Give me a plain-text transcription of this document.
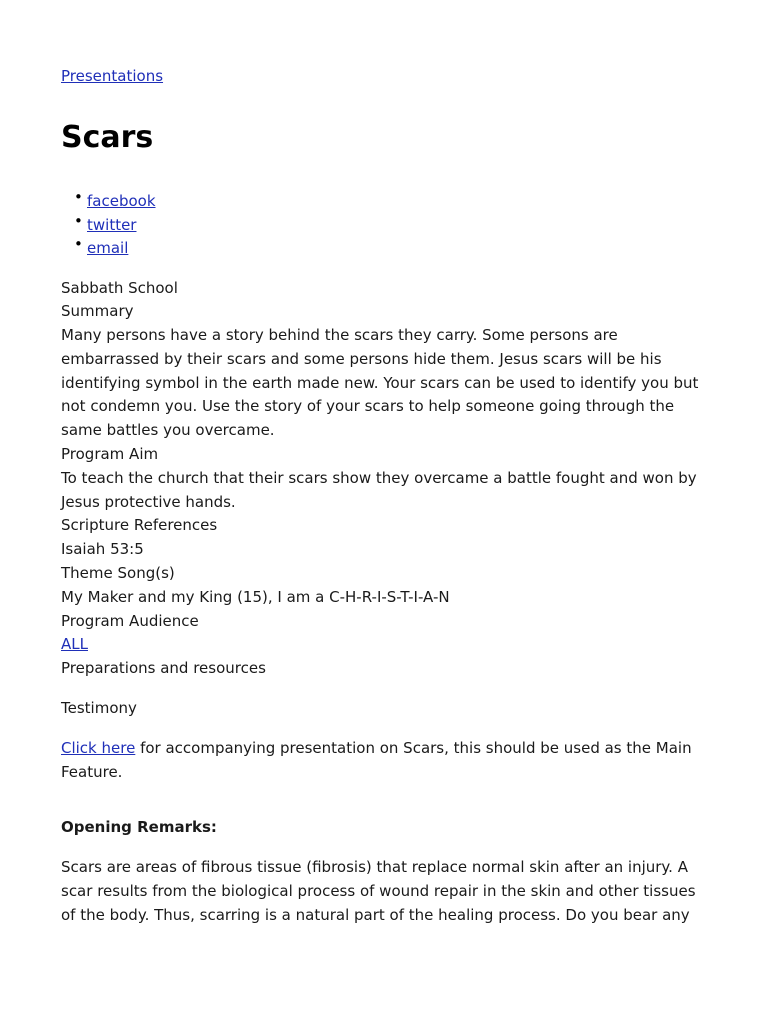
Presentations
Scars
• facebook
• twitter
• email
Sabbath School
Summary
Many persons have a story behind the scars they carry. Some persons are embarrassed by their scars and some persons hide them. Jesus scars will be his identifying symbol in the earth made new. Your scars can be used to identify you but not condemn you. Use the story of your scars to help someone going through the same battles you overcame.
Program Aim
To teach the church that their scars show they overcame a battle fought and won by Jesus protective hands.
Scripture References
Isaiah 53:5
Theme Song(s)
My Maker and my King (15), I am a C-H-R-I-S-T-I-A-N
Program Audience
ALL
Preparations and resources
Testimony
Click here for accompanying presentation on Scars, this should be used as the Main Feature.
Opening Remarks:
Scars are areas of fibrous tissue (fibrosis) that replace normal skin after an injury. A scar results from the biological process of wound repair in the skin and other tissues of the body. Thus, scarring is a natural part of the healing process. Do you bear any
